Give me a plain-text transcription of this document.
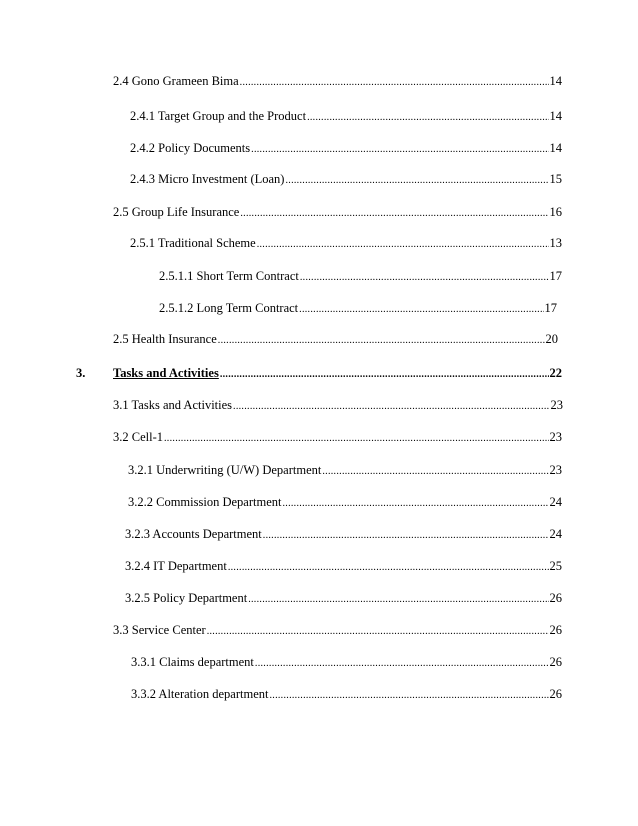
2.4 Gono Grameen Bima .....	14
2.4.1 Target Group and the Product .....	14
2.4.2 Policy Documents .....	14
2.4.3 Micro Investment (Loan) .....	15
2.5 Group Life Insurance .....	16
2.5.1 Traditional Scheme .....	13
2.5.1.1 Short Term Contract .....	17
2.5.1.2 Long Term Contract .....	17
2.5 Health Insurance .....	20
3. Tasks and Activities .....	22
3.1 Tasks and Activities .....	23
3.2 Cell-1 .....	23
3.2.1 Underwriting (U/W) Department .....	23
3.2.2 Commission Department .....	24
3.2.3 Accounts Department .....	24
3.2.4 IT Department .....	25
3.2.5 Policy Department .....	26
3.3 Service Center .....	26
3.3.1 Claims department .....	26
3.3.2 Alteration department .....	26
